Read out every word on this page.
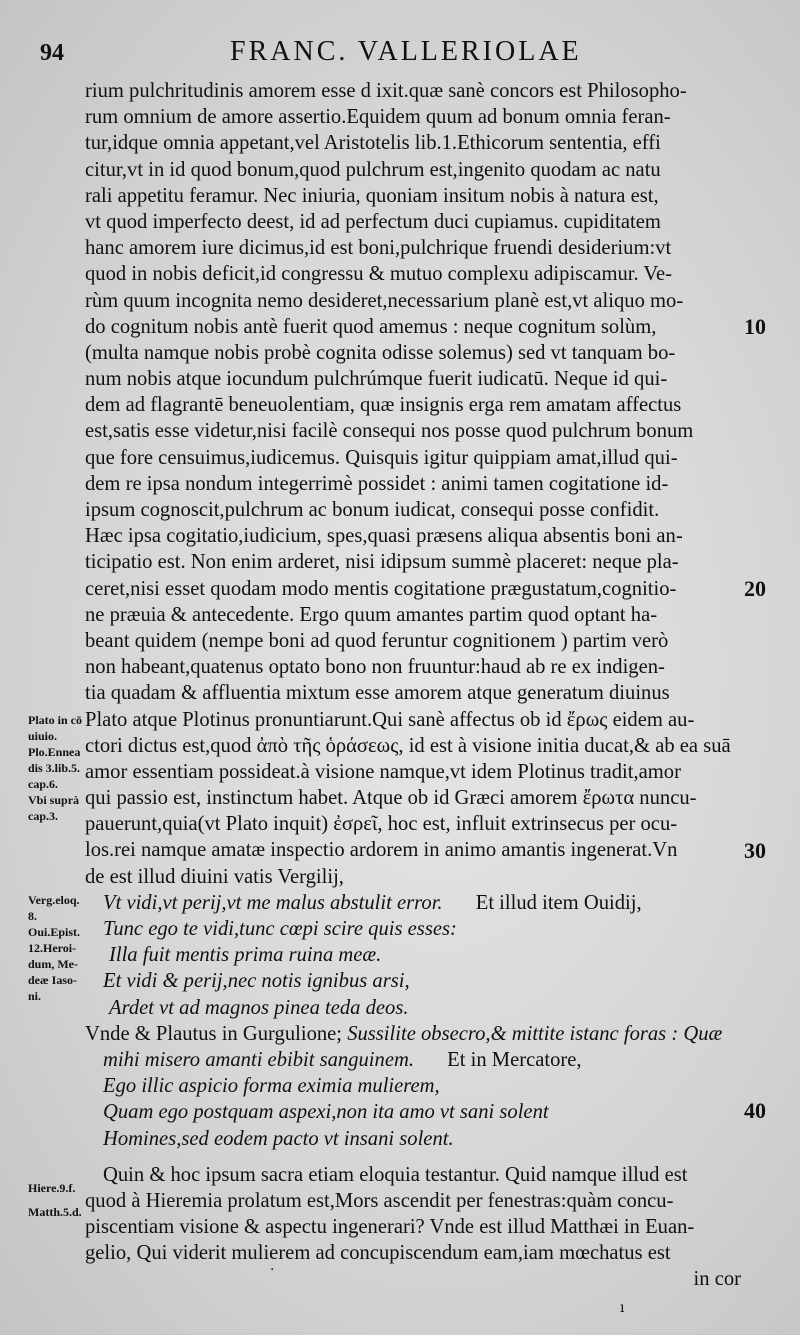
94	FRANC. VALLERIOLAE
rium pulchritudinis amorem esse d ixit.quæ sanè concors est Philosopho-
rum omnium de amore assertio.Equidem quum ad bonum omnia feran-
tur,idque omnia appetant,vel Aristotelis lib.1.Ethicorum sententia, effi
citur,vt in id quod bonum,quod pulchrum est,ingenito quodam ac natu
rali appetitu feramur. Nec iniuria, quoniam insitum nobis à natura est,
vt quod imperfecto deest, id ad perfectum duci cupiamus. cupiditatem
hanc amorem iure dicimus,id est boni,pulchrique fruendi desiderium:vt
quod in nobis deficit,id congressu & mutuo complexu adipiscamur. Ve-
rùm quum incognita nemo desideret,necessarium planè est,vt aliquo mo-
do cognitum nobis antè fuerit quod amemus : neque cognitum solùm,
(multa namque nobis probè cognita odisse solemus) sed vt tanquam bo-
num nobis atque iocundum pulchrúmque fuerit iudicatū. Neque id qui-
dem ad flagrantē beneuolentiam, quæ insignis erga rem amatam affectus
est,satis esse videtur,nisi facilè consequi nos posse quod pulchrum bonum
que fore censuimus,iudicemus. Quisquis igitur quippiam amat,illud qui-
dem re ipsa nondum integerrimè possidet : animi tamen cogitatione id-
ipsum cognoscit,pulchrum ac bonum iudicat, consequi posse confidit.
Hæc ipsa cogitatio,iudicium, spes,quasi præsens aliqua absentis boni an-
ticipatio est. Non enim arderet, nisi idipsum summè placeret: neque pla-
ceret,nisi esset quodam modo mentis cogitatione prægustatum,cognitio-
ne præuia & antecedente. Ergo quum amantes partim quod optant ha-
beant quidem (nempe boni ad quod feruntur cognitionem ) partim verò
non habeant,quatenus optato bono non fruuntur:haud ab re ex indigen-
tia quadam & affluentia mixtum esse amorem atque generatum diuinus
Plato atque Plotinus pronuntiarunt.Qui sanè affectus ob id ἔρως eidem au-
ctori dictus est,quod ἀπὸ τῆς ὁράσεως, id est à visione initia ducat,& ab ea suā
amor essentiam possideat.à visione namque,vt idem Plotinus tradit,amor
qui passio est, instinctum habet. Atque ob id Græci amorem ἔρωτα nuncu-
pauerunt,quia(vt Plato inquit) ἐσρεῖ, hoc est, influit extrinsecus per ocu-
los.rei namque amatæ inspectio ardorem in animo amantis ingenerat.Vn
de est illud diuini vatis Vergilij,
Vt vidi,vt perij,vt me malus abstulit error. Et illud item Ouidij,
Tunc ego te vidi,tunc cœpi scire quis esses:
Illa fuit mentis prima ruina meæ.
Et vidi & perij,nec notis ignibus arsi,
Ardet vt ad magnos pinea teda deos.
Vnde & Plautus in Gurgulione; Sussilite obsecro,& mittite istanc foras : Quæ
mihi misero amanti ebibit sanguinem. Et in Mercatore,
Ego illic aspicio forma eximia mulierem,
Quam ego postquam aspexi,non ita amo vt sani solent
Homines,sed eodem pacto vt insani solent.
Quin & hoc ipsum sacra etiam eloquia testantur. Quid namque illud est
quod à Hieremia prolatum est,Mors ascendit per fenestras:quàm concu-
piscentiam visione & aspectu ingenerari? Vnde est illud Matthæi in Euan-
gelio, Qui viderit mulierem ad concupiscendum eam,iam mœchatus est
in cor
10
20
30
40
Plato in cō
uiuio.
Plo.Ennea
dis 3.lib.5.
cap.6.
Vbi suprà
cap.3.
Verg.eloq.
8.
Oui.Epist.
12.Heroi-
dum, Me-
deæ Iaso-
ni.
Hiere.9.f.
Matth.5.d.
·
ı
